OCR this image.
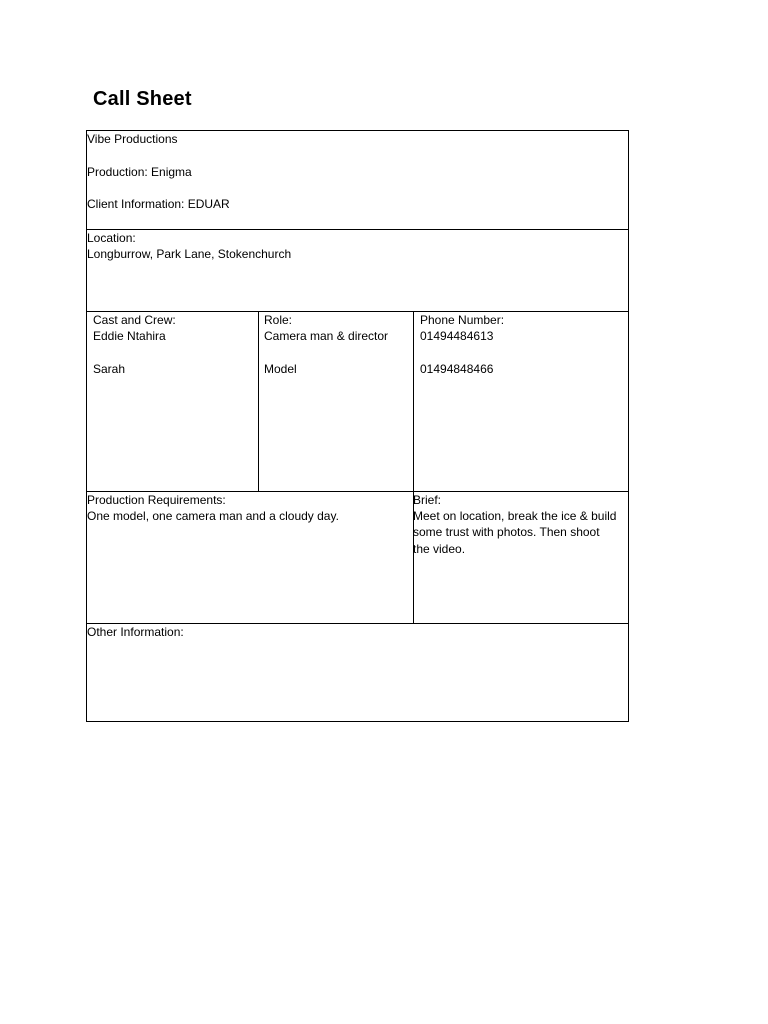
Call Sheet
Vibe Productions
Production: Enigma
Client Information: EDUAR
Location:
Longburrow, Park Lane, Stokenchurch
Cast and Crew:	Role:	Phone Number:
Eddie Ntahira	Camera man & director	01494484613
Sarah	Model	01494848466
Production Requirements:
One model, one camera man and a cloudy day.
Brief:
Meet on location, break the ice & build some trust with photos. Then shoot the video.
Other Information:
